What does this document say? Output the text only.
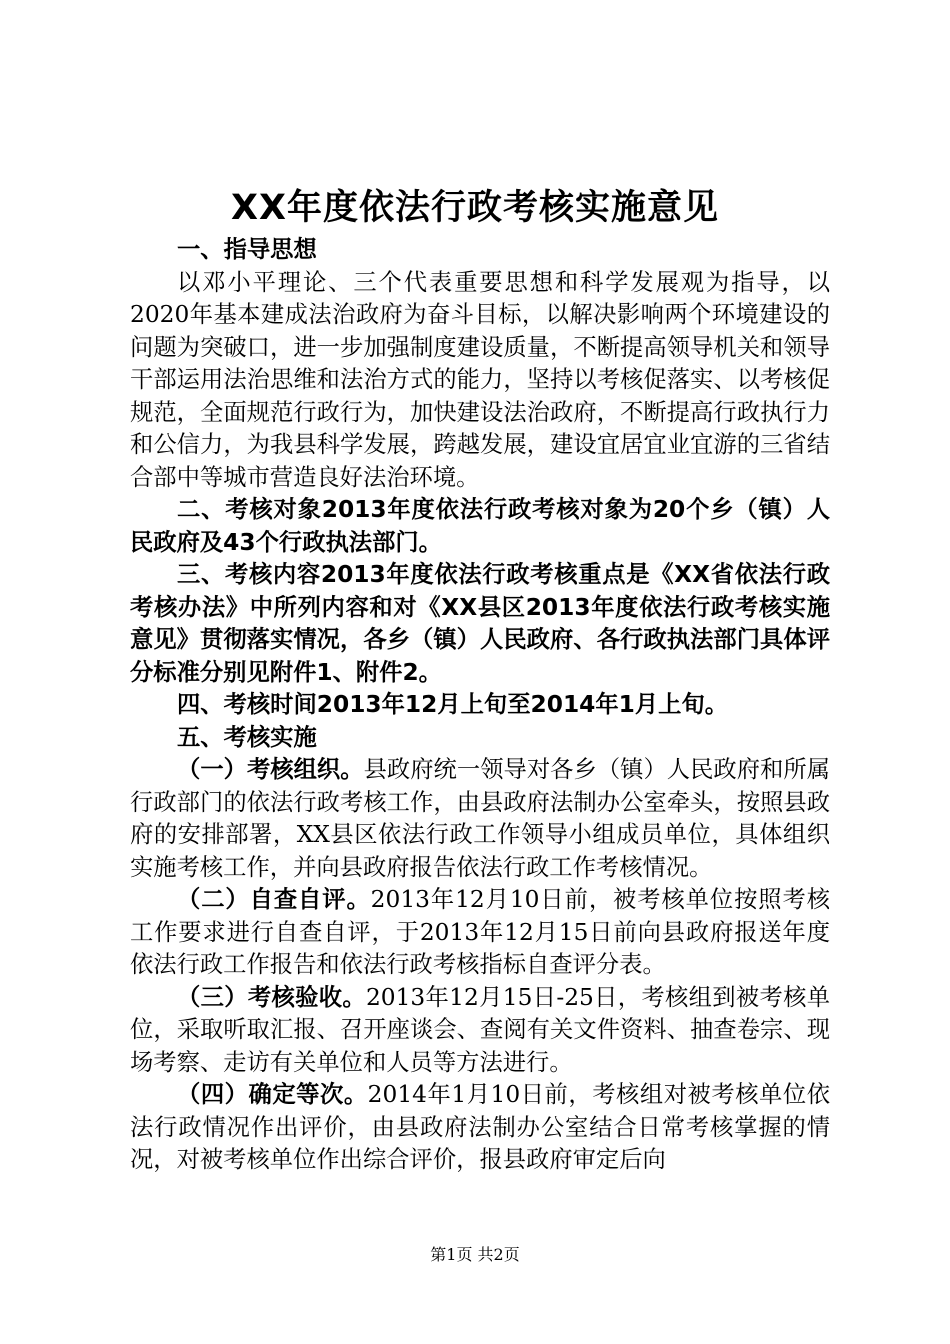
XX年度依法行政考核实施意见

一、指导思想

以邓小平理论、三个代表重要思想和科学发展观为指导，以2020年基本建成法治政府为奋斗目标，以解决影响两个环境建设的问题为突破口，进一步加强制度建设质量，不断提高领导机关和领导干部运用法治思维和法治方式的能力，坚持以考核促落实、以考核促规范，全面规范行政行为，加快建设法治政府，不断提高行政执行力和公信力，为我县科学发展，跨越发展，建设宜居宜业宜游的三省结合部中等城市营造良好法治环境。

二、考核对象2013年度依法行政考核对象为20个乡（镇）人民政府及43个行政执法部门。

三、考核内容2013年度依法行政考核重点是《XX省依法行政考核办法》中所列内容和对《XX县区2013年度依法行政考核实施意见》贯彻落实情况，各乡（镇）人民政府、各行政执法部门具体评分标准分别见附件1、附件2。

四、考核时间2013年12月上旬至2014年1月上旬。

五、考核实施

（一）考核组织。县政府统一领导对各乡（镇）人民政府和所属行政部门的依法行政考核工作，由县政府法制办公室牵头，按照县政府的安排部署，XX县区依法行政工作领导小组成员单位，具体组织实施考核工作，并向县政府报告依法行政工作考核情况。

（二）自查自评。2013年12月10日前，被考核单位按照考核工作要求进行自查自评，于2013年12月15日前向县政府报送年度依法行政工作报告和依法行政考核指标自查评分表。

（三）考核验收。2013年12月15日-25日，考核组到被考核单位，采取听取汇报、召开座谈会、查阅有关文件资料、抽查卷宗、现场考察、走访有关单位和人员等方法进行。

（四）确定等次。2014年1月10日前，考核组对被考核单位依法行政情况作出评价，由县政府法制办公室结合日常考核掌握的情况，对被考核单位作出综合评价，报县政府审定后向

第1页 共2页
